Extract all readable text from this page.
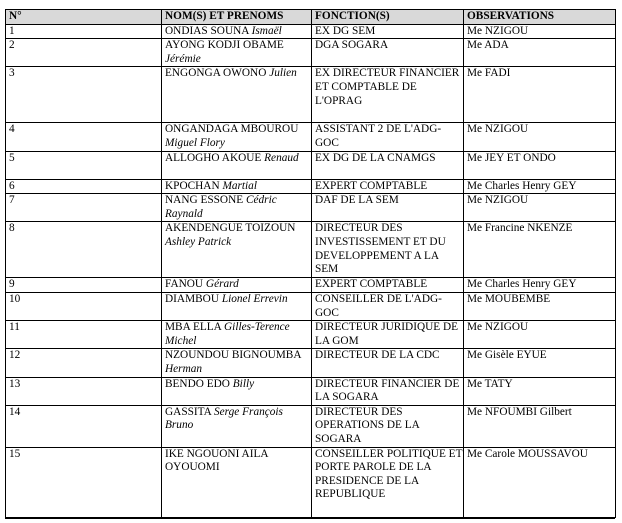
N°	NOM(S) ET PRENOMS	FONCTION(S)	OBSERVATIONS
1	ONDIAS SOUNA Ismaël	EX DG SEM	Me NZIGOU
2	AYONG KODJI OBAME Jérémie	DGA SOGARA	Me ADA
3	ENGONGA OWONO Julien	EX DIRECTEUR FINANCIER ET COMPTABLE DE L'OPRAG	Me FADI
4	ONGANDAGA MBOUROU Miguel Flory	ASSISTANT 2 DE L'ADG-GOC	Me NZIGOU
5	ALLOGHO AKOUE Renaud	EX DG DE LA CNAMGS	Me JEY ET ONDO
6	KPOCHAN Martial	EXPERT COMPTABLE	Me Charles Henry GEY
7	NANG ESSONE Cédric Raynald	DAF DE LA SEM	Me NZIGOU
8	AKENDENGUE TOIZOUN Ashley Patrick	DIRECTEUR DES INVESTISSEMENT ET DU DEVELOPPEMENT A LA SEM	Me Francine NKENZE
9	FANOU Gérard	EXPERT COMPTABLE	Me Charles Henry GEY
10	DIAMBOU Lionel Errevin	CONSEILLER DE L'ADG-GOC	Me MOUBEMBE
11	MBA ELLA Gilles-Terence Michel	DIRECTEUR JURIDIQUE DE LA GOM	Me NZIGOU
12	NZOUNDOU BIGNOUMBA Herman	DIRECTEUR DE LA CDC	Me Gisèle EYUE
13	BENDO EDO Billy	DIRECTEUR FINANCIER DE LA SOGARA	Me TATY
14	GASSITA Serge François Bruno	DIRECTEUR DES OPERATIONS DE LA SOGARA	Me NFOUMBI Gilbert
15	IKE NGOUONI AILA OYOUOMI	CONSEILLER POLITIQUE ET PORTE PAROLE DE LA PRESIDENCE DE LA REPUBLIQUE	Me Carole MOUSSAVOU
